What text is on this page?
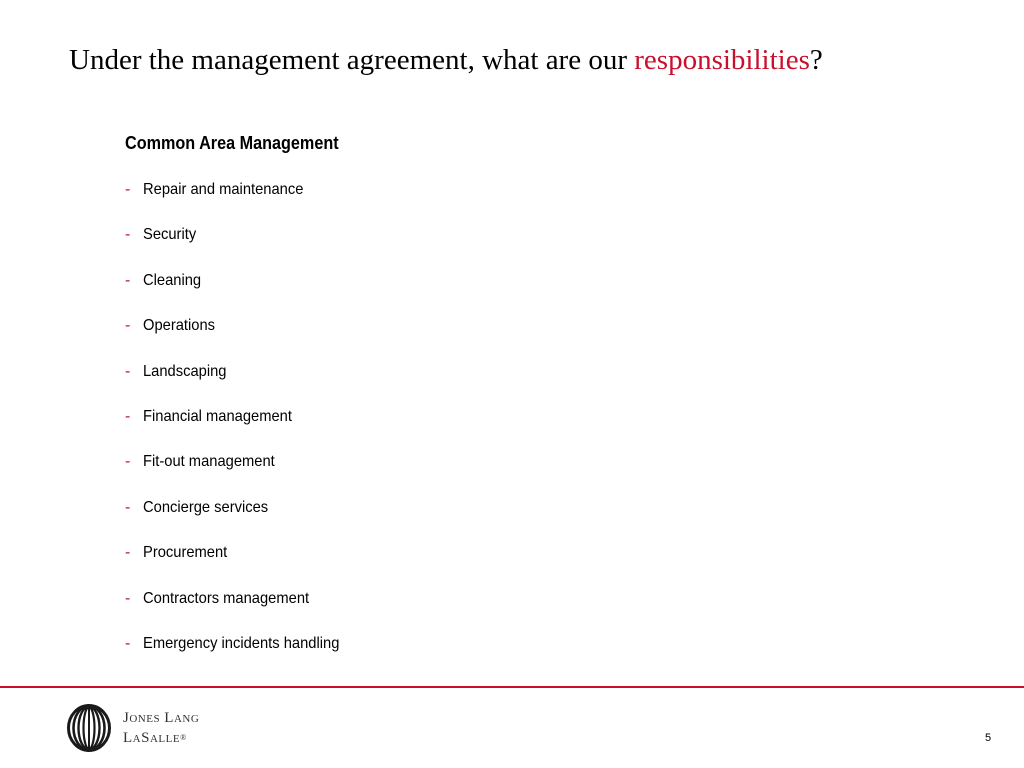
Under the management agreement, what are our responsibilities?
Common Area Management
- Repair and maintenance
- Security
- Cleaning
- Operations
- Landscaping
- Financial management
- Fit-out management
- Concierge services
- Procurement
- Contractors management
- Emergency incidents handling
Jones Lang
LaSalle®	5
